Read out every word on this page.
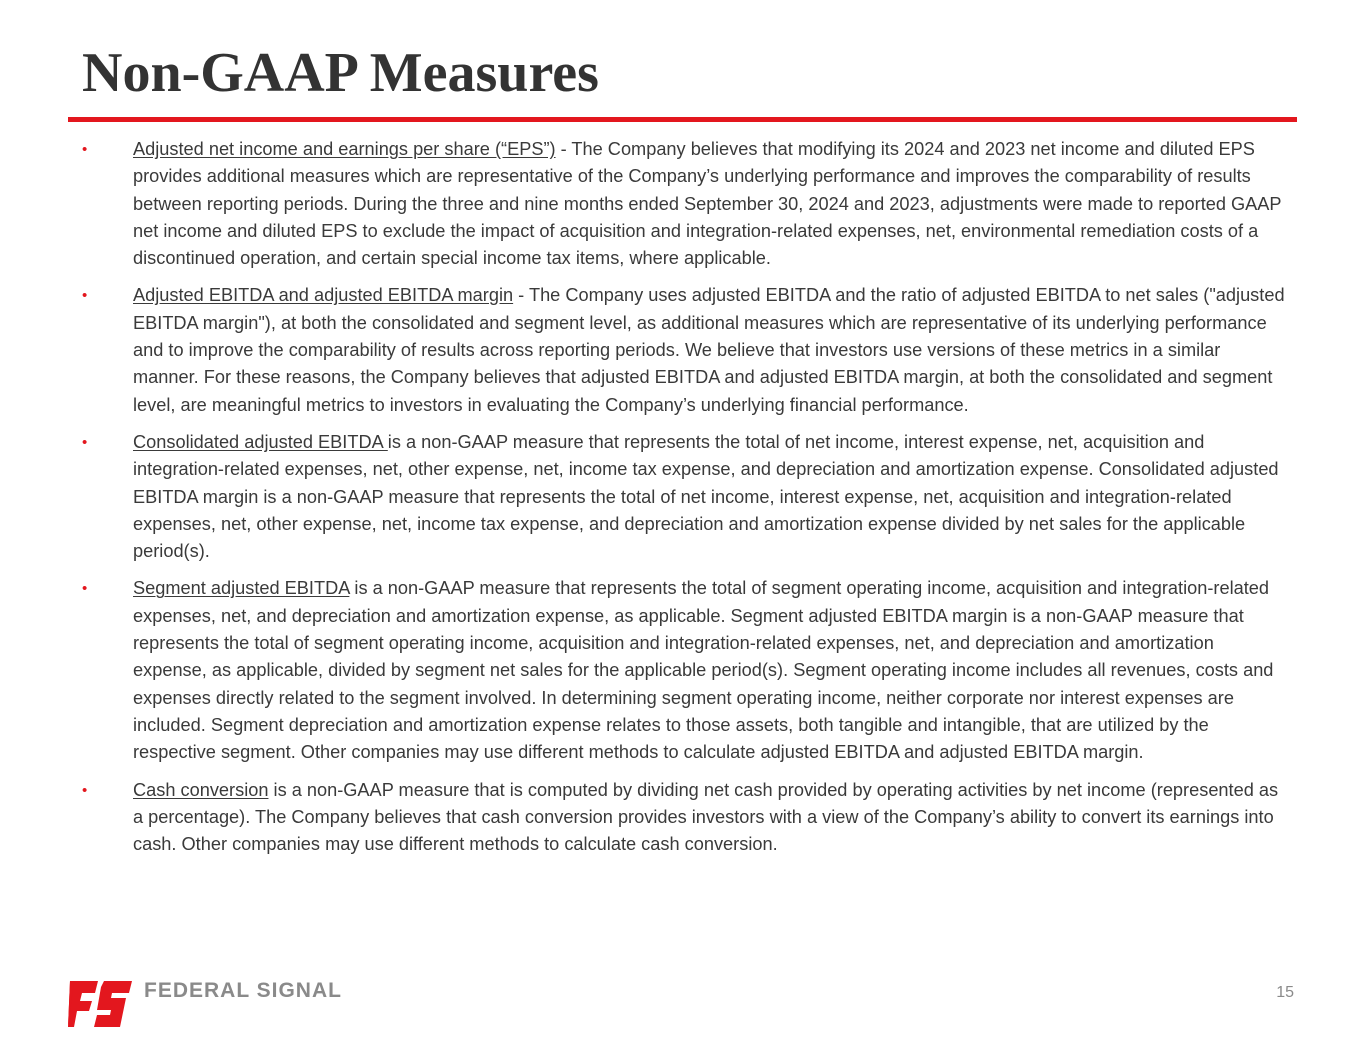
Non-GAAP Measures
•	Adjusted net income and earnings per share (“EPS”) - The Company believes that modifying its 2024 and 2023 net income and diluted EPS provides additional measures which are representative of the Company’s underlying performance and improves the comparability of results between reporting periods. During the three and nine months ended September 30, 2024 and 2023, adjustments were made to reported GAAP net income and diluted EPS to exclude the impact of acquisition and integration-related expenses, net, environmental remediation costs of a discontinued operation, and certain special income tax items, where applicable.
•	Adjusted EBITDA and adjusted EBITDA margin - The Company uses adjusted EBITDA and the ratio of adjusted EBITDA to net sales ("adjusted EBITDA margin"), at both the consolidated and segment level, as additional measures which are representative of its underlying performance and to improve the comparability of results across reporting periods. We believe that investors use versions of these metrics in a similar manner. For these reasons, the Company believes that adjusted EBITDA and adjusted EBITDA margin, at both the consolidated and segment level, are meaningful metrics to investors in evaluating the Company’s underlying financial performance.
•	Consolidated adjusted EBITDA is a non-GAAP measure that represents the total of net income, interest expense, net, acquisition and integration-related expenses, net, other expense, net, income tax expense, and depreciation and amortization expense. Consolidated adjusted EBITDA margin is a non-GAAP measure that represents the total of net income, interest expense, net, acquisition and integration-related expenses, net, other expense, net, income tax expense, and depreciation and amortization expense divided by net sales for the applicable period(s).
•	Segment adjusted EBITDA is a non-GAAP measure that represents the total of segment operating income, acquisition and integration-related expenses, net, and depreciation and amortization expense, as applicable. Segment adjusted EBITDA margin is a non-GAAP measure that represents the total of segment operating income, acquisition and integration-related expenses, net, and depreciation and amortization expense, as applicable, divided by segment net sales for the applicable period(s). Segment operating income includes all revenues, costs and expenses directly related to the segment involved. In determining segment operating income, neither corporate nor interest expenses are included. Segment depreciation and amortization expense relates to those assets, both tangible and intangible, that are utilized by the respective segment. Other companies may use different methods to calculate adjusted EBITDA and adjusted EBITDA margin.
•	Cash conversion is a non-GAAP measure that is computed by dividing net cash provided by operating activities by net income (represented as a percentage). The Company believes that cash conversion provides investors with a view of the Company’s ability to convert its earnings into cash. Other companies may use different methods to calculate cash conversion.
FEDERAL SIGNAL	15
